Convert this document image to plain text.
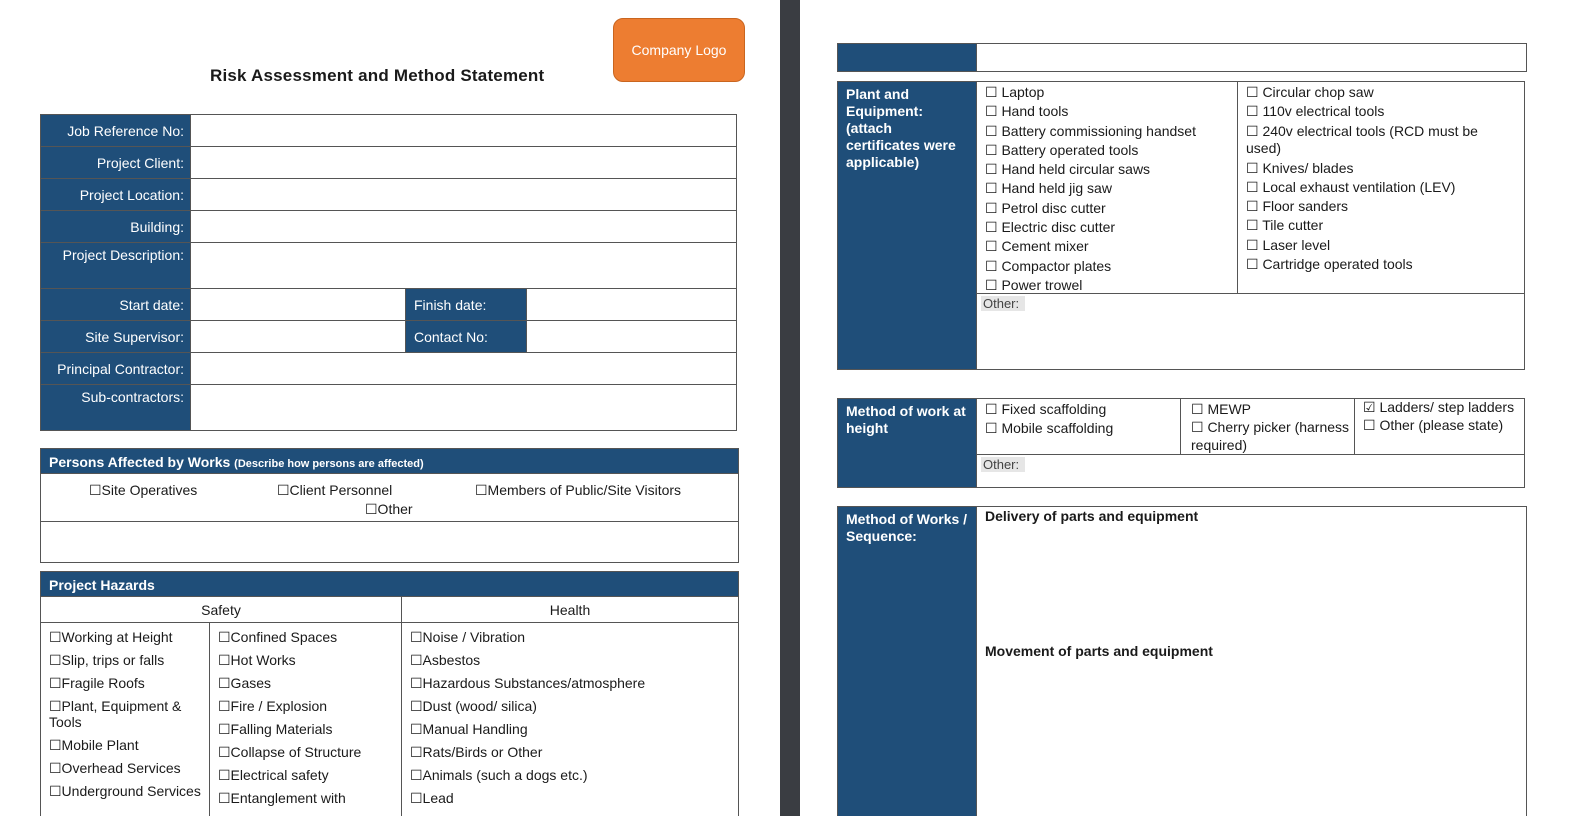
Company Logo
Risk Assessment and Method Statement
Job Reference No:			
Project Client:			
Project Location:			
Building:			
Project Description:			
Start date:		Finish date:	
Site Supervisor:		Contact No:	
Principal Contractor:			
Sub-contractors:			
Persons Affected by Works (Describe how persons are affected)
☐Site Operatives	☐Client Personnel	☐Members of Public/Site Visitors
☐Other
Project Hazards
Safety	Health
☐Working at Height
☐Slip, trips or falls
☐Fragile Roofs
☐Plant, Equipment & Tools
☐Mobile Plant
☐Overhead Services
☐Underground Services
☐Confined Spaces
☐Hot Works
☐Gases
☐Fire / Explosion
☐Falling Materials
☐Collapse of Structure
☐Electrical safety
☐Entanglement with
☐Noise / Vibration
☐Asbestos
☐Hazardous Substances/atmosphere
☐Dust (wood/ silica)
☐Manual Handling
☐Rats/Birds or Other
☐Animals (such a dogs etc.)
☐Lead
Plant and Equipment: (attach certificates were applicable)
☐ Laptop
☐ Hand tools
☐ Battery commissioning handset
☐ Battery operated tools
☐ Hand held circular saws
☐ Hand held jig saw
☐ Petrol disc cutter
☐ Electric disc cutter
☐ Cement mixer
☐ Compactor plates
☐ Power trowel
☐ Circular chop saw
☐ 110v electrical tools
☐ 240v electrical tools (RCD must be used)
☐ Knives/ blades
☐ Local exhaust ventilation (LEV)
☐ Floor sanders
☐ Tile cutter
☐ Laser level
☐ Cartridge operated tools
Other:
Method of work at height
☐ Fixed scaffolding
☐ Mobile scaffolding
☐ MEWP
☐ Cherry picker (harness required)
☑ Ladders/ step ladders
☐ Other (please state)
Other:
Method of Works / Sequence:
Delivery of parts and equipment
Movement of parts and equipment
